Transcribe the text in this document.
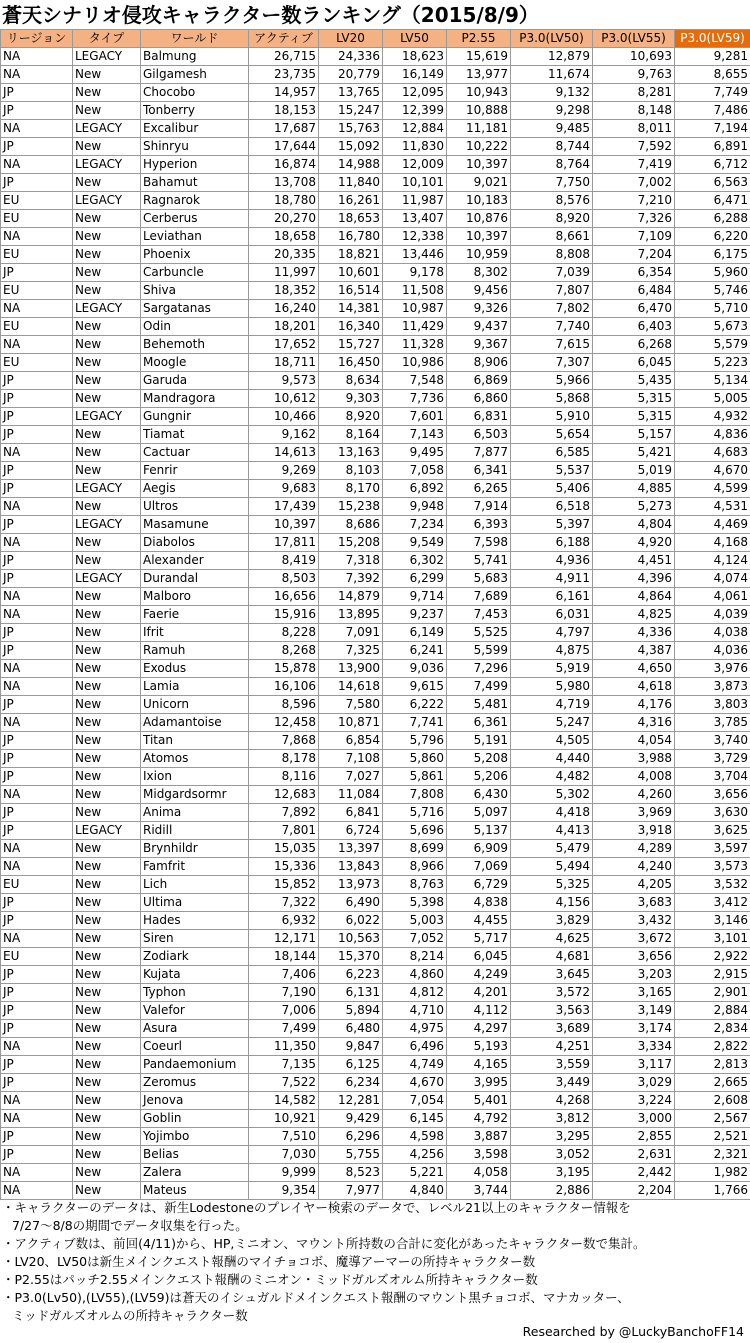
蒼天シナリオ侵攻キャラクター数ランキング（2015/8/9）
リージョン	タイプ	ワールド	アクティブ	LV20	LV50	P2.55	P3.0(LV50)	P3.0(LV55)	P3.0(LV59)
NA	LEGACY	Balmung	26,715	24,336	18,623	15,619	12,879	10,693	9,281
NA	New	Gilgamesh	23,735	20,779	16,149	13,977	11,674	9,763	8,655
JP	New	Chocobo	14,957	13,765	12,095	10,943	9,132	8,281	7,749
JP	New	Tonberry	18,153	15,247	12,399	10,888	9,298	8,148	7,486
NA	LEGACY	Excalibur	17,687	15,763	12,884	11,181	9,485	8,011	7,194
JP	New	Shinryu	17,644	15,092	11,830	10,222	8,744	7,592	6,891
NA	LEGACY	Hyperion	16,874	14,988	12,009	10,397	8,764	7,419	6,712
JP	New	Bahamut	13,708	11,840	10,101	9,021	7,750	7,002	6,563
EU	LEGACY	Ragnarok	18,780	16,261	11,987	10,183	8,576	7,210	6,471
EU	New	Cerberus	20,270	18,653	13,407	10,876	8,920	7,326	6,288
NA	New	Leviathan	18,658	16,780	12,338	10,397	8,661	7,109	6,220
EU	New	Phoenix	20,335	18,821	13,446	10,959	8,808	7,204	6,175
JP	New	Carbuncle	11,997	10,601	9,178	8,302	7,039	6,354	5,960
EU	New	Shiva	18,352	16,514	11,508	9,456	7,807	6,484	5,746
NA	LEGACY	Sargatanas	16,240	14,381	10,987	9,326	7,802	6,470	5,710
EU	New	Odin	18,201	16,340	11,429	9,437	7,740	6,403	5,673
NA	New	Behemoth	17,652	15,727	11,328	9,367	7,615	6,268	5,579
EU	New	Moogle	18,711	16,450	10,986	8,906	7,307	6,045	5,223
JP	New	Garuda	9,573	8,634	7,548	6,869	5,966	5,435	5,134
JP	New	Mandragora	10,612	9,303	7,736	6,860	5,868	5,315	5,005
JP	LEGACY	Gungnir	10,466	8,920	7,601	6,831	5,910	5,315	4,932
JP	New	Tiamat	9,162	8,164	7,143	6,503	5,654	5,157	4,836
NA	New	Cactuar	14,613	13,163	9,495	7,877	6,585	5,421	4,683
JP	New	Fenrir	9,269	8,103	7,058	6,341	5,537	5,019	4,670
JP	LEGACY	Aegis	9,683	8,170	6,892	6,265	5,406	4,885	4,599
NA	New	Ultros	17,439	15,238	9,948	7,914	6,518	5,273	4,531
JP	LEGACY	Masamune	10,397	8,686	7,234	6,393	5,397	4,804	4,469
NA	New	Diabolos	17,811	15,208	9,549	7,598	6,188	4,920	4,168
JP	New	Alexander	8,419	7,318	6,302	5,741	4,936	4,451	4,124
JP	LEGACY	Durandal	8,503	7,392	6,299	5,683	4,911	4,396	4,074
NA	New	Malboro	16,656	14,879	9,714	7,689	6,161	4,864	4,061
NA	New	Faerie	15,916	13,895	9,237	7,453	6,031	4,825	4,039
JP	New	Ifrit	8,228	7,091	6,149	5,525	4,797	4,336	4,038
JP	New	Ramuh	8,268	7,325	6,241	5,599	4,875	4,387	4,036
NA	New	Exodus	15,878	13,900	9,036	7,296	5,919	4,650	3,976
NA	New	Lamia	16,106	14,618	9,615	7,499	5,980	4,618	3,873
JP	New	Unicorn	8,596	7,580	6,222	5,481	4,719	4,176	3,803
NA	New	Adamantoise	12,458	10,871	7,741	6,361	5,247	4,316	3,785
JP	New	Titan	7,868	6,854	5,796	5,191	4,505	4,054	3,740
JP	New	Atomos	8,178	7,108	5,860	5,208	4,440	3,988	3,729
JP	New	Ixion	8,116	7,027	5,861	5,206	4,482	4,008	3,704
NA	New	Midgardsormr	12,683	11,084	7,808	6,430	5,302	4,260	3,656
JP	New	Anima	7,892	6,841	5,716	5,097	4,418	3,969	3,630
JP	LEGACY	Ridill	7,801	6,724	5,696	5,137	4,413	3,918	3,625
NA	New	Brynhildr	15,035	13,397	8,699	6,909	5,479	4,289	3,597
NA	New	Famfrit	15,336	13,843	8,966	7,069	5,494	4,240	3,573
EU	New	Lich	15,852	13,973	8,763	6,729	5,325	4,205	3,532
JP	New	Ultima	7,322	6,490	5,398	4,838	4,156	3,683	3,412
JP	New	Hades	6,932	6,022	5,003	4,455	3,829	3,432	3,146
NA	New	Siren	12,171	10,563	7,052	5,717	4,625	3,672	3,101
EU	New	Zodiark	18,144	15,370	8,214	6,045	4,681	3,656	2,922
JP	New	Kujata	7,406	6,223	4,860	4,249	3,645	3,203	2,915
JP	New	Typhon	7,190	6,131	4,812	4,201	3,572	3,165	2,901
JP	New	Valefor	7,006	5,894	4,710	4,112	3,563	3,149	2,884
JP	New	Asura	7,499	6,480	4,975	4,297	3,689	3,174	2,834
NA	New	Coeurl	11,350	9,847	6,496	5,193	4,251	3,334	2,822
JP	New	Pandaemonium	7,135	6,125	4,749	4,165	3,559	3,117	2,813
JP	New	Zeromus	7,522	6,234	4,670	3,995	3,449	3,029	2,665
NA	New	Jenova	14,582	12,281	7,054	5,401	4,268	3,224	2,608
NA	New	Goblin	10,921	9,429	6,145	4,792	3,812	3,000	2,567
JP	New	Yojimbo	7,510	6,296	4,598	3,887	3,295	2,855	2,521
JP	New	Belias	7,030	5,755	4,256	3,598	3,052	2,631	2,321
NA	New	Zalera	9,999	8,523	5,221	4,058	3,195	2,442	1,982
NA	New	Mateus	9,354	7,977	4,840	3,744	2,886	2,204	1,766
・キャラクターのデータは、新生Lodestoneのプレイヤー検索のデータで、レベル21以上のキャラクター情報を
7/27〜8/8の期間でデータ収集を行った。
・アクティブ数は、前回(4/11)から、HP,ミニオン、マウント所持数の合計に変化があったキャラクター数で集計。
・LV20、LV50は新生メインクエスト報酬のマイチョコボ、魔導アーマーの所持キャラクター数
・P2.55はパッチ2.55メインクエスト報酬のミニオン・ミッドガルズオルム所持キャラクター数
・P3.0(Lv50),(LV55),(LV59)は蒼天のイシュガルドメインクエスト報酬のマウント黒チョコボ、マナカッター、
ミッドガルズオルムの所持キャラクター数
Researched by @LuckyBanchoFF14
